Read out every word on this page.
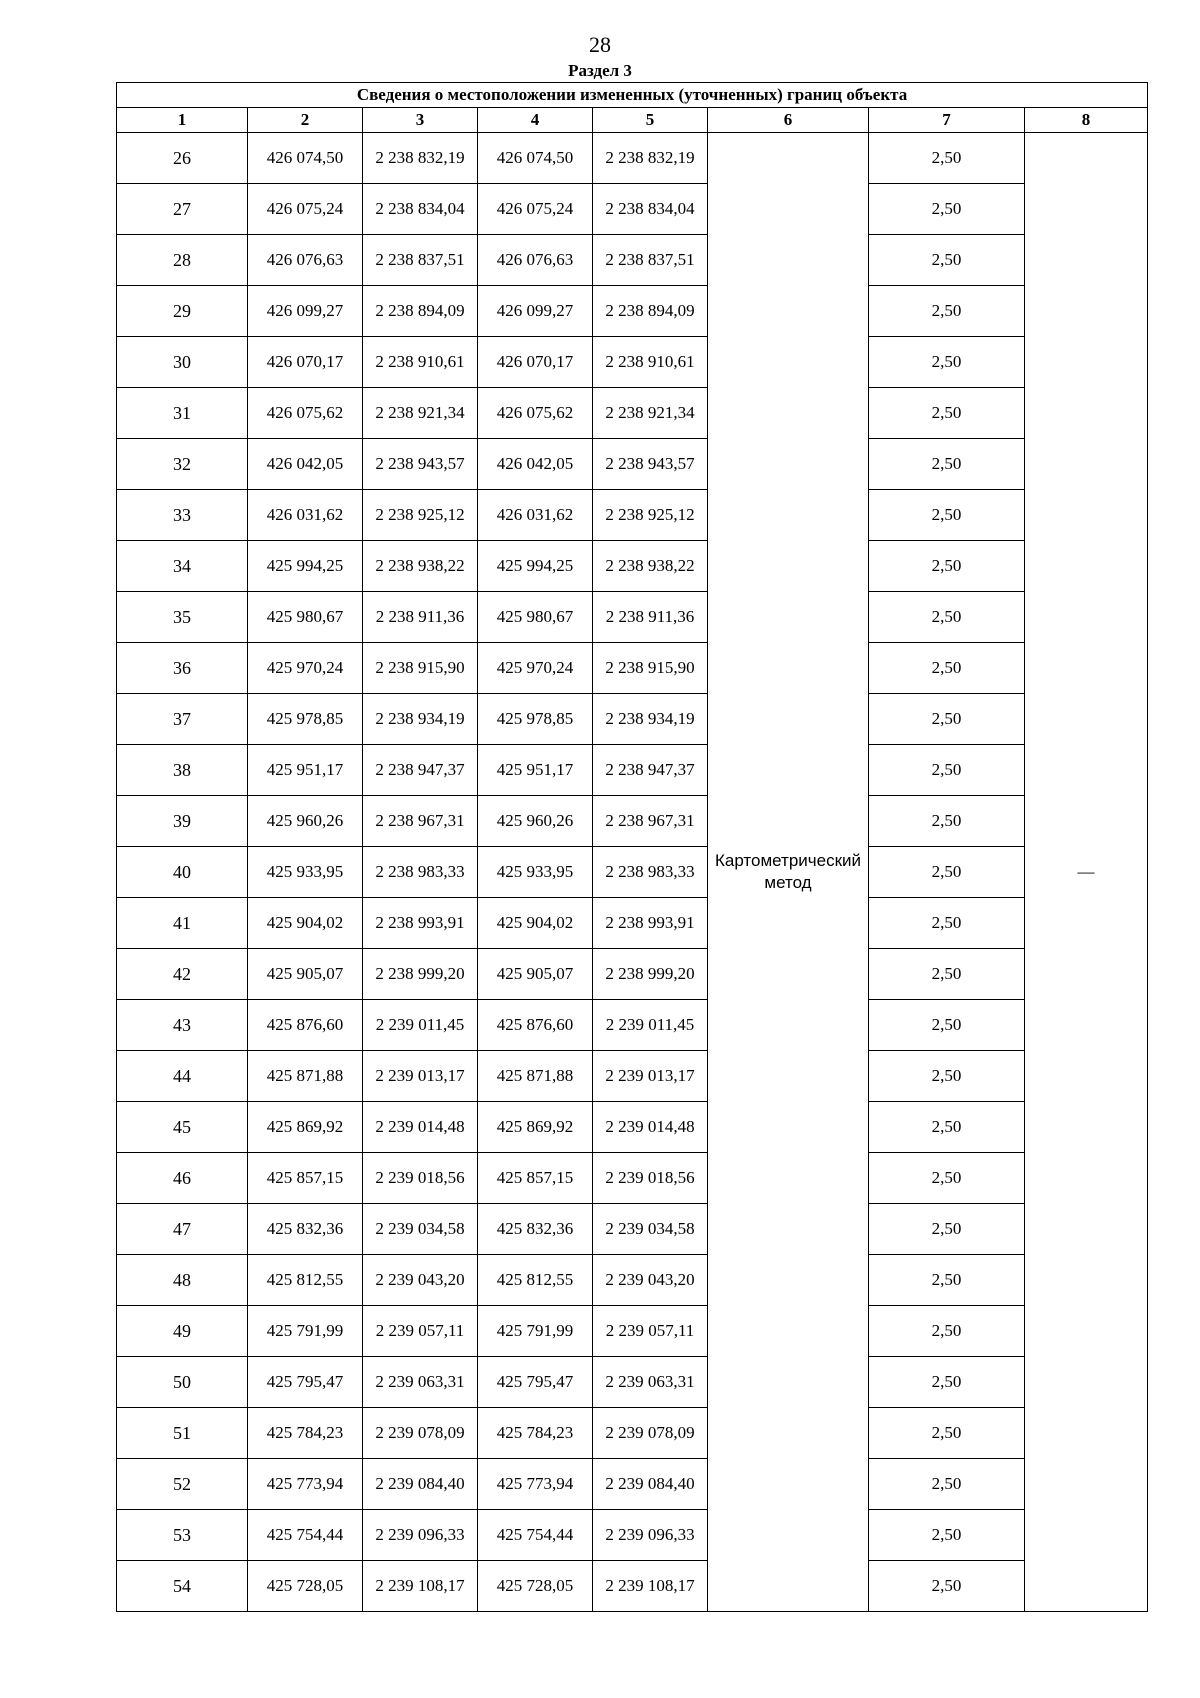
28
Раздел 3
Сведения о местоположении измененных (уточненных) границ объекта							
1	2	3	4	5	6	7	8
26	426 074,50	2 238 832,19	426 074,50	2 238 832,19	Картометрический метод	2,50	—
27	426 075,24	2 238 834,04	426 075,24	2 238 834,04		2,50	
28	426 076,63	2 238 837,51	426 076,63	2 238 837,51		2,50	
29	426 099,27	2 238 894,09	426 099,27	2 238 894,09		2,50	
30	426 070,17	2 238 910,61	426 070,17	2 238 910,61		2,50	
31	426 075,62	2 238 921,34	426 075,62	2 238 921,34		2,50	
32	426 042,05	2 238 943,57	426 042,05	2 238 943,57		2,50	
33	426 031,62	2 238 925,12	426 031,62	2 238 925,12		2,50	
34	425 994,25	2 238 938,22	425 994,25	2 238 938,22		2,50	
35	425 980,67	2 238 911,36	425 980,67	2 238 911,36		2,50	
36	425 970,24	2 238 915,90	425 970,24	2 238 915,90		2,50	
37	425 978,85	2 238 934,19	425 978,85	2 238 934,19		2,50	
38	425 951,17	2 238 947,37	425 951,17	2 238 947,37		2,50	
39	425 960,26	2 238 967,31	425 960,26	2 238 967,31		2,50	
40	425 933,95	2 238 983,33	425 933,95	2 238 983,33		2,50	
41	425 904,02	2 238 993,91	425 904,02	2 238 993,91		2,50	
42	425 905,07	2 238 999,20	425 905,07	2 238 999,20		2,50	
43	425 876,60	2 239 011,45	425 876,60	2 239 011,45		2,50	
44	425 871,88	2 239 013,17	425 871,88	2 239 013,17		2,50	
45	425 869,92	2 239 014,48	425 869,92	2 239 014,48		2,50	
46	425 857,15	2 239 018,56	425 857,15	2 239 018,56		2,50	
47	425 832,36	2 239 034,58	425 832,36	2 239 034,58		2,50	
48	425 812,55	2 239 043,20	425 812,55	2 239 043,20		2,50	
49	425 791,99	2 239 057,11	425 791,99	2 239 057,11		2,50	
50	425 795,47	2 239 063,31	425 795,47	2 239 063,31		2,50	
51	425 784,23	2 239 078,09	425 784,23	2 239 078,09		2,50	
52	425 773,94	2 239 084,40	425 773,94	2 239 084,40		2,50	
53	425 754,44	2 239 096,33	425 754,44	2 239 096,33		2,50	
54	425 728,05	2 239 108,17	425 728,05	2 239 108,17		2,50	
